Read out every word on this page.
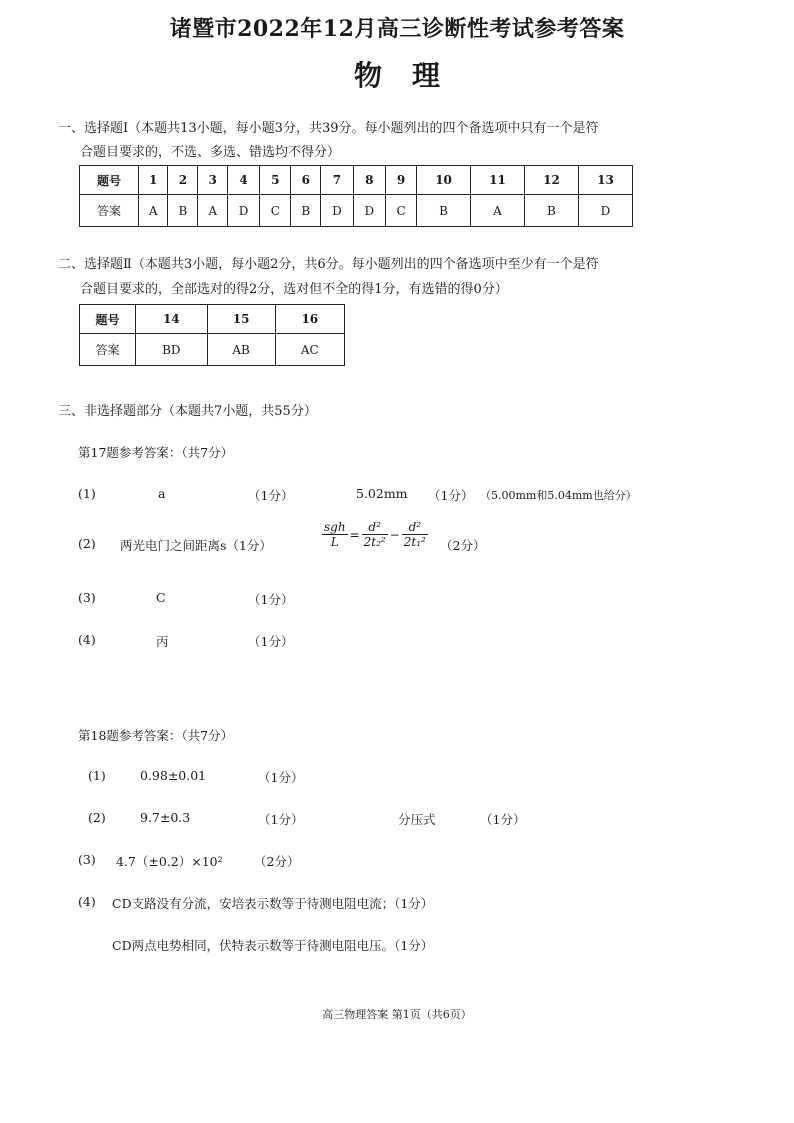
诸暨市2022年12月高三诊断性考试参考答案
物理
一、选择题Ⅰ（本题共13小题，每小题3分，共39分。每小题列出的四个备选项中只有一个是符
合题目要求的，不选、多选、错选均不得分）
题号	1	2	3	4	5	6	7	8	9	10	11	12	13
答案	A	B	A	D	C	B	D	D	C	B	A	B	D
二、选择题Ⅱ（本题共3小题，每小题2分，共6分。每小题列出的四个备选项中至少有一个是符
合题目要求的，全部选对的得2分，选对但不全的得1分，有选错的得0分）
题号	14	15	16
答案	BD	AB	AC
三、非选择题部分（本题共7小题，共55分）
第17题参考答案：（共7分）
(1)	a	（1分）	5.02mm （1分） （5.00mm和5.04mm也给分）
(2) 两光电门之间距离s（1分）	$\frac{\text{sgh}}{L} = \frac{\text{d²}}{\text{2t₂²}} - \frac{\text{d²}}{\text{2t₁²}} (2$分）
(3)	C	（1分）
(4)	丙	（1分）
第18题参考答案：（共7分）
(1)	0.98±0.01	（1分）
(2)	9.7±0.3	（1分）	分压式	（1分）
(3) 4.7（±0.2）×10²	（2分）
(4) CD支路没有分流，安培表示数等于待测电阻电流；（1分）
CD两点电势相同，伏特表示数等于待测电阻电压。（1分）
高三物理答案 第1页（共6页）
